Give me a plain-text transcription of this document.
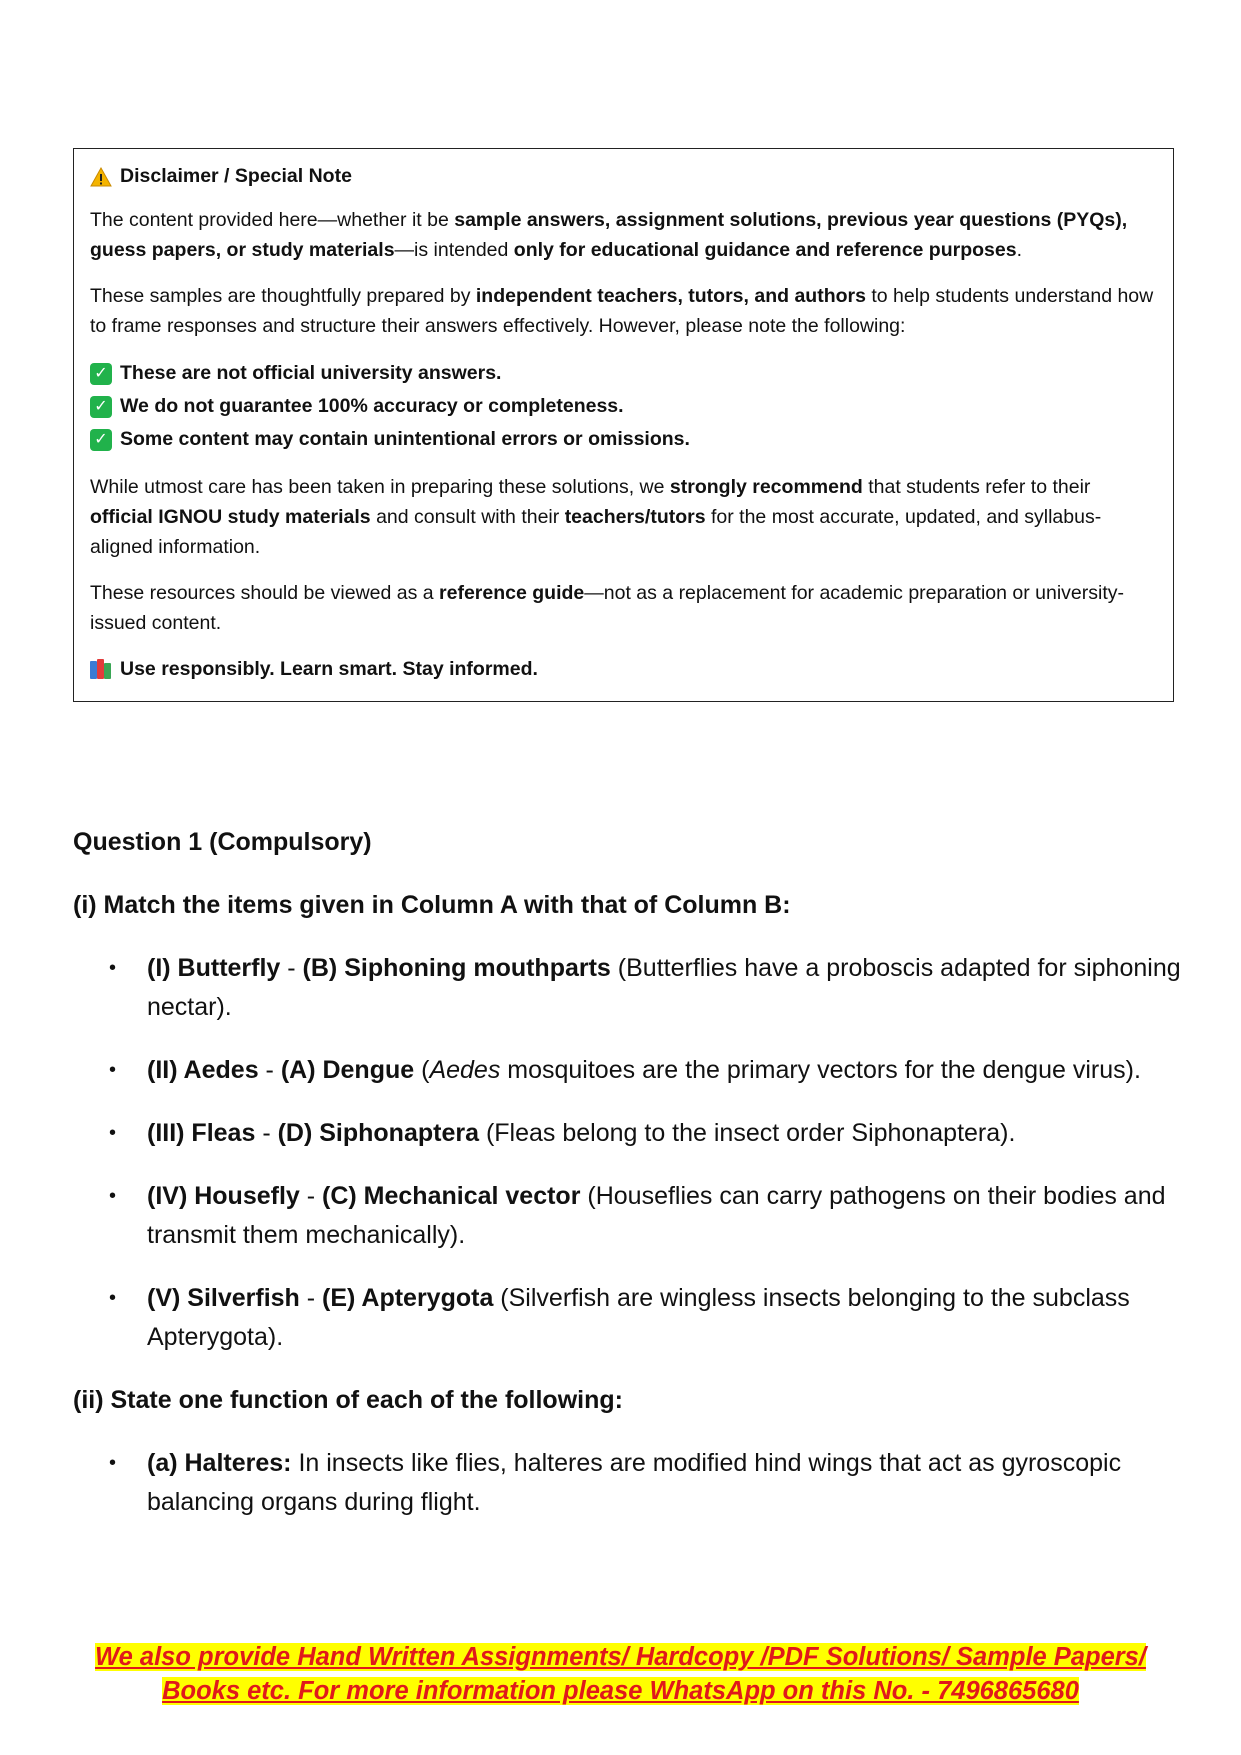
Disclaimer / Special Note

The content provided here—whether it be sample answers, assignment solutions, previous year questions (PYQs), guess papers, or study materials—is intended only for educational guidance and reference purposes.

These samples are thoughtfully prepared by independent teachers, tutors, and authors to help students understand how to frame responses and structure their answers effectively. However, please note the following:

✓ These are not official university answers.
✓ We do not guarantee 100% accuracy or completeness.
✓ Some content may contain unintentional errors or omissions.

While utmost care has been taken in preparing these solutions, we strongly recommend that students refer to their official IGNOU study materials and consult with their teachers/tutors for the most accurate, updated, and syllabus-aligned information.

These resources should be viewed as a reference guide—not as a replacement for academic preparation or university-issued content.

Use responsibly. Learn smart. Stay informed.

Question 1 (Compulsory)

(i) Match the items given in Column A with that of Column B:

• (I) Butterfly - (B) Siphoning mouthparts (Butterflies have a proboscis adapted for siphoning nectar).
• (II) Aedes - (A) Dengue (Aedes mosquitoes are the primary vectors for the dengue virus).
• (III) Fleas - (D) Siphonaptera (Fleas belong to the insect order Siphonaptera).
• (IV) Housefly - (C) Mechanical vector (Houseflies can carry pathogens on their bodies and transmit them mechanically).
• (V) Silverfish - (E) Apterygota (Silverfish are wingless insects belonging to the subclass Apterygota).

(ii) State one function of each of the following:

• (a) Halteres: In insects like flies, halteres are modified hind wings that act as gyroscopic balancing organs during flight.
We also provide Hand Written Assignments/ Hardcopy /PDF Solutions/ Sample Papers/
Books etc. For more information please WhatsApp on this No. - 7496865680
